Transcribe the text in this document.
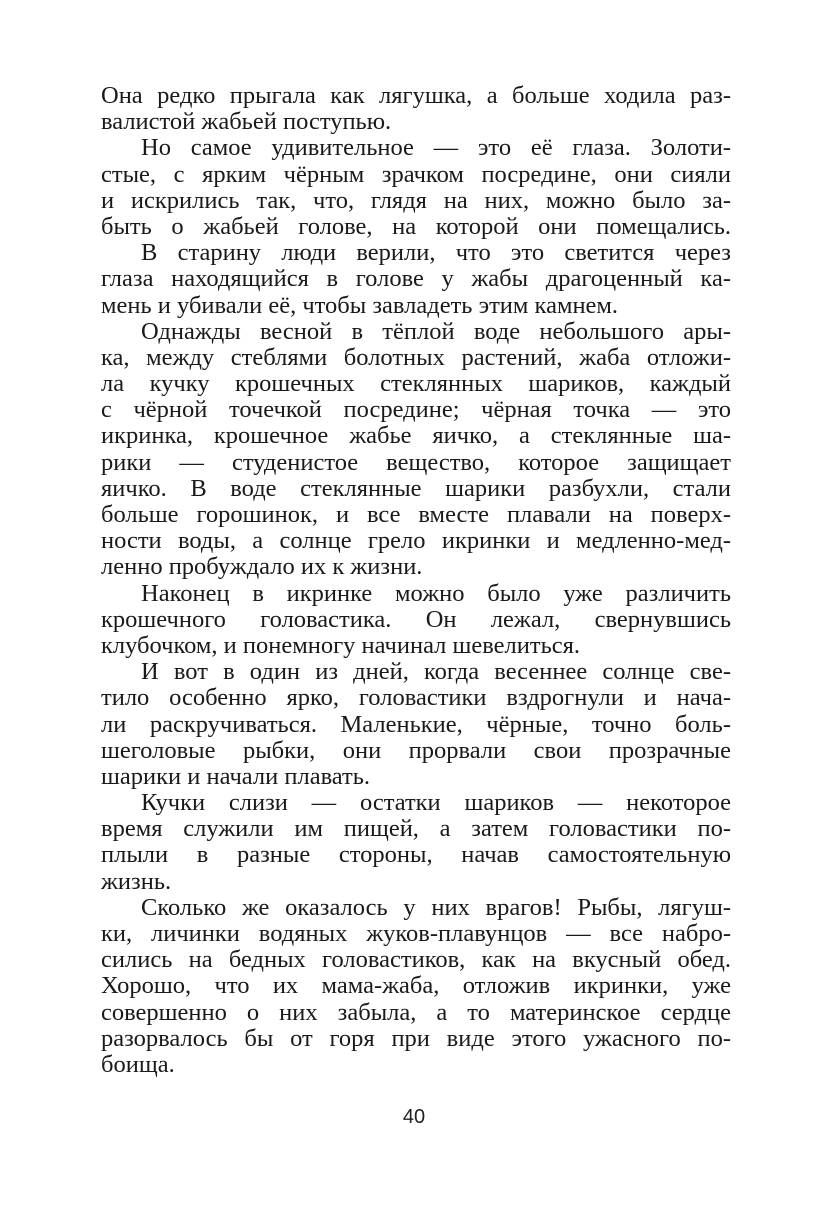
Она редко прыгала как лягушка, а больше ходила раз-
валистой жабьей поступью.
Но самое удивительное — это её глаза. Золоти-
стые, с ярким чёрным зрачком посредине, они сияли
и искрились так, что, глядя на них, можно было за-
быть о жабьей голове, на которой они помещались.
В старину люди верили, что это светится через
глаза находящийся в голове у жабы драгоценный ка-
мень и убивали её, чтобы завладеть этим камнем.
Однажды весной в тёплой воде небольшого ары-
ка, между стеблями болотных растений, жаба отложи-
ла кучку крошечных стеклянных шариков, каждый
с чёрной точечкой посредине; чёрная точка — это
икринка, крошечное жабье яичко, а стеклянные ша-
рики — студенистое вещество, которое защищает
яичко. В воде стеклянные шарики разбухли, стали
больше горошинок, и все вместе плавали на поверх-
ности воды, а солнце грело икринки и медленно-мед-
ленно пробуждало их к жизни.
Наконец в икринке можно было уже различить
крошечного головастика. Он лежал, свернувшись
клубочком, и понемногу начинал шевелиться.
И вот в один из дней, когда весеннее солнце све-
тило особенно ярко, головастики вздрогнули и нача-
ли раскручиваться. Маленькие, чёрные, точно боль-
шеголовые рыбки, они прорвали свои прозрачные
шарики и начали плавать.
Кучки слизи — остатки шариков — некоторое
время служили им пищей, а затем головастики по-
плыли в разные стороны, начав самостоятельную
жизнь.
Сколько же оказалось у них врагов! Рыбы, лягуш-
ки, личинки водяных жуков-плавунцов — все набро-
сились на бедных головастиков, как на вкусный обед.
Хорошо, что их мама-жаба, отложив икринки, уже
совершенно о них забыла, а то материнское сердце
разорвалось бы от горя при виде этого ужасного по-
боища.
40
